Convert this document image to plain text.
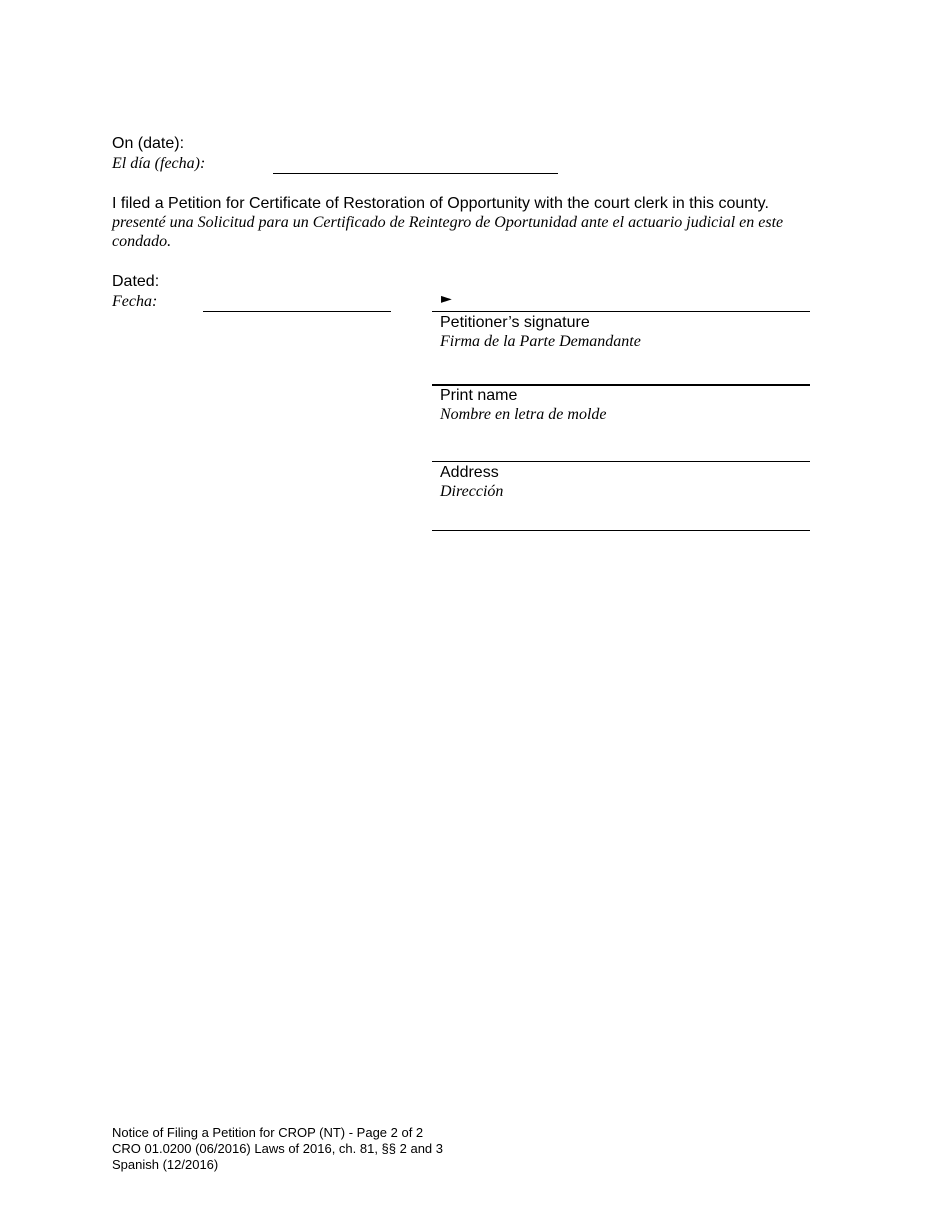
On (date):
El día (fecha):
I filed a Petition for Certificate of Restoration of Opportunity with the court clerk in this county.
presenté una Solicitud para un Certificado de Reintegro de Oportunidad ante el actuario judicial en este condado.
Dated:
Fecha:	►
Petitioner’s signature
Firma de la Parte Demandante
Print name
Nombre en letra de molde
Address
Dirección
Notice of Filing a Petition for CROP (NT) - Page 2 of 2
CRO 01.0200 (06/2016) Laws of 2016, ch. 81, §§ 2 and 3
Spanish (12/2016)
